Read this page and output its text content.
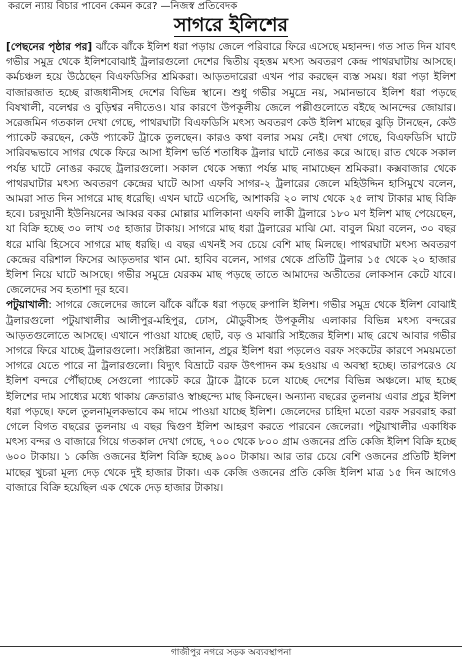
করলে ন্যায় বিচার পাবেন কেমন করে? —নিজস্ব প্রতিবেদক
সাগরে ইলিশের

[পেছনের পৃষ্ঠার পর] ঝাঁকে ঝাঁকে ইলিশ ধরা পড়ায় জেলে পরিবারে ফিরে এসেছে মহানন্দ। গত সাত দিন যাবৎ গভীর সমুদ্র থেকে ইলিশবোঝাই ট্রলারগুলো দেশের দ্বিতীয় বৃহত্তম মৎস্য অবতরণ কেন্দ্র পাথরঘাটায় আসছে। কর্মচঞ্চল হয়ে উঠেছেন বিএফডিসির শ্রমিকরা। আড়তদারেরা এখন পার করছেন ব্যস্ত সময়। ধরা পড়া ইলিশ বাজারজাত হচ্ছে রাজধানীসহ দেশের বিভিন্ন স্থানে। শুধু গভীর সমুদ্রে নয়, সমানভাবে ইলিশ ধরা পড়ছে বিষখালী, বলেশ্বর ও বুড়িশ্বর নদীতেও। যার কারণে উপকূলীয় জেলে পল্লীগুলোতে বইছে আনন্দের জোয়ার। সরেজমিন গতকাল দেখা গেছে, পাথরঘাটা বিএফডিসি মৎস্য অবতরণ কেউ ইলিশ মাছের ঝুড়ি টানছেন, কেউ প্যাকেট করছেন, কেউ প্যাকেট ট্রাকে তুলছেন। কারও কথা বলার সময় নেই। দেখা গেছে, বিএফডিসি ঘাটে সারিবদ্ধভাবে সাগর থেকে ফিরে আসা ইলিশ ভর্তি শতাধিক ট্রলার ঘাটে নোঙর করে আছে। রাত থেকে সকাল পর্যন্ত ঘাটে নোঙর করছে ট্রলারগুলো। সকাল থেকে সন্ধ্যা পর্যন্ত মাছ নামাচ্ছেন শ্রমিকরা। কক্সবাজার থেকে পাথরঘাটার মৎস্য অবতরণ কেন্দ্রের ঘাটে আসা এফবি সাগর-২ ট্রলারের জেলে মহিউদ্দিন হাসিমুখে বলেন, আমরা সাত দিন সাগরে মাছ ধরেছি। এখন ঘাটে এসেছি, আশাকরি ২০ লাখ থেকে ২৫ লাখ টাকার মাছ বিক্রি হবে। চরদুয়ানী ইউনিয়নের আব্বর বকর মোল্লার মালিকানা এফবি লাকী ট্রলারে ১৮০ মণ ইলিশ মাছ পেয়েছেন, যা বিক্রি হচ্ছে ৩০ লাখ ৩৫ হাজার টাকায়। সাগরে মাছ ধরা ট্রলারের মাঝি মো. বাবুল মিয়া বলেন, ৩০ বছর ধরে মাঝি হিসেবে সাগরে মাছ ধরছি। এ বছর এখনই সব চেয়ে বেশি মাছ মিলছে। পাথরঘাটা মৎস্য অবতরণ কেন্দ্রের বরিশাল ফিসের আড়তদার খান মো. হাবিব বলেন, সাগর থেকে প্রতিটি ট্রলার ১৫ থেকে ২০ হাজার ইলিশ নিয়ে ঘাটে আসছে। গভীর সমুদ্রে যেরকম মাছ পড়ছে তাতে আমাদের অতীতের লোকসান কেটে যাবে। জেলেদের সব হতাশা দূর হবে।

পটুয়াখালী: সাগরে জেলেদের জালে ঝাঁকে ঝাঁকে ধরা পড়ছে রুপালি ইলিশ। গভীর সমুদ্র থেকে ইলিশ বোঝাই ট্রলারগুলো পটুয়াখালীর আলীপুর-মহিপুর, ঢোস, মৌডুবীসহ উপকূলীয় এলাকার বিভিন্ন মৎস্য বন্দরের আড়তগুলোতে আসছে। এখানে পাওয়া যাচ্ছে ছোট, বড় ও মাঝারি সাইজের ইলিশ। মাছ রেখে আবার গভীর সাগরে ফিরে যাচ্ছে ট্রলারগুলো। সংশ্লিষ্টরা জানান, প্রচুর ইলিশ ধরা পড়লেও বরফ সংকটের কারণে সময়মতো সাগরে যেতে পারে না ট্রলারগুলো। বিদ্যুৎ বিভ্রাটে বরফ উৎপাদন কম হওয়ায় এ অবস্থা হচ্ছে। তারপরেও যে ইলিশ বন্দরে পৌঁছাচ্ছে সেগুলো প্যাকেট করে ট্রাকে ট্রাকে চলে যাচ্ছে দেশের বিভিন্ন অঞ্চলে। মাছ হচ্ছে ইলিশের দাম সাধ্যের মধ্যে থাকায় ক্রেতারাও স্বাচ্ছন্দ্যে মাছ কিনছেন। অন্যান্য বছরের তুলনায় এবার প্রচুর ইলিশ ধরা পড়ছে। ফলে তুলনামূলকভাবে কম দামে পাওয়া যাচ্ছে ইলিশ। জেলেদের চাহিদা মতো বরফ সরবরাহ করা গেলে বিগত বছরের তুলনায় এ বছর দ্বিগুণ ইলিশ আহরণ করতে পারবেন জেলেরা। পটুয়াখালীর একাধিক মৎস্য বন্দর ও বাজারে গিয়ে গতকাল দেখা গেছে, ৭০০ থেকে ৮০০ গ্রাম ওজনের প্রতি কেজি ইলিশ বিক্রি হচ্ছে ৬০০ টাকায়। ১ কেজি ওজনের ইলিশ বিক্রি হচ্ছে ৯০০ টাকায়। আর তার চেয়ে বেশি ওজনের প্রতিটি ইলিশ মাছের খুচরা মূল্য দেড় থেকে দুই হাজার টাকা। এক কেজি ওজনের প্রতি কেজি ইলিশ মাত্র ১৫ দিন আগেও বাজারে বিক্রি হয়েছিল এক থেকে দেড় হাজার টাকায়।

গাজীপুর নগরে সড়ক অব্যবস্থাপনা
